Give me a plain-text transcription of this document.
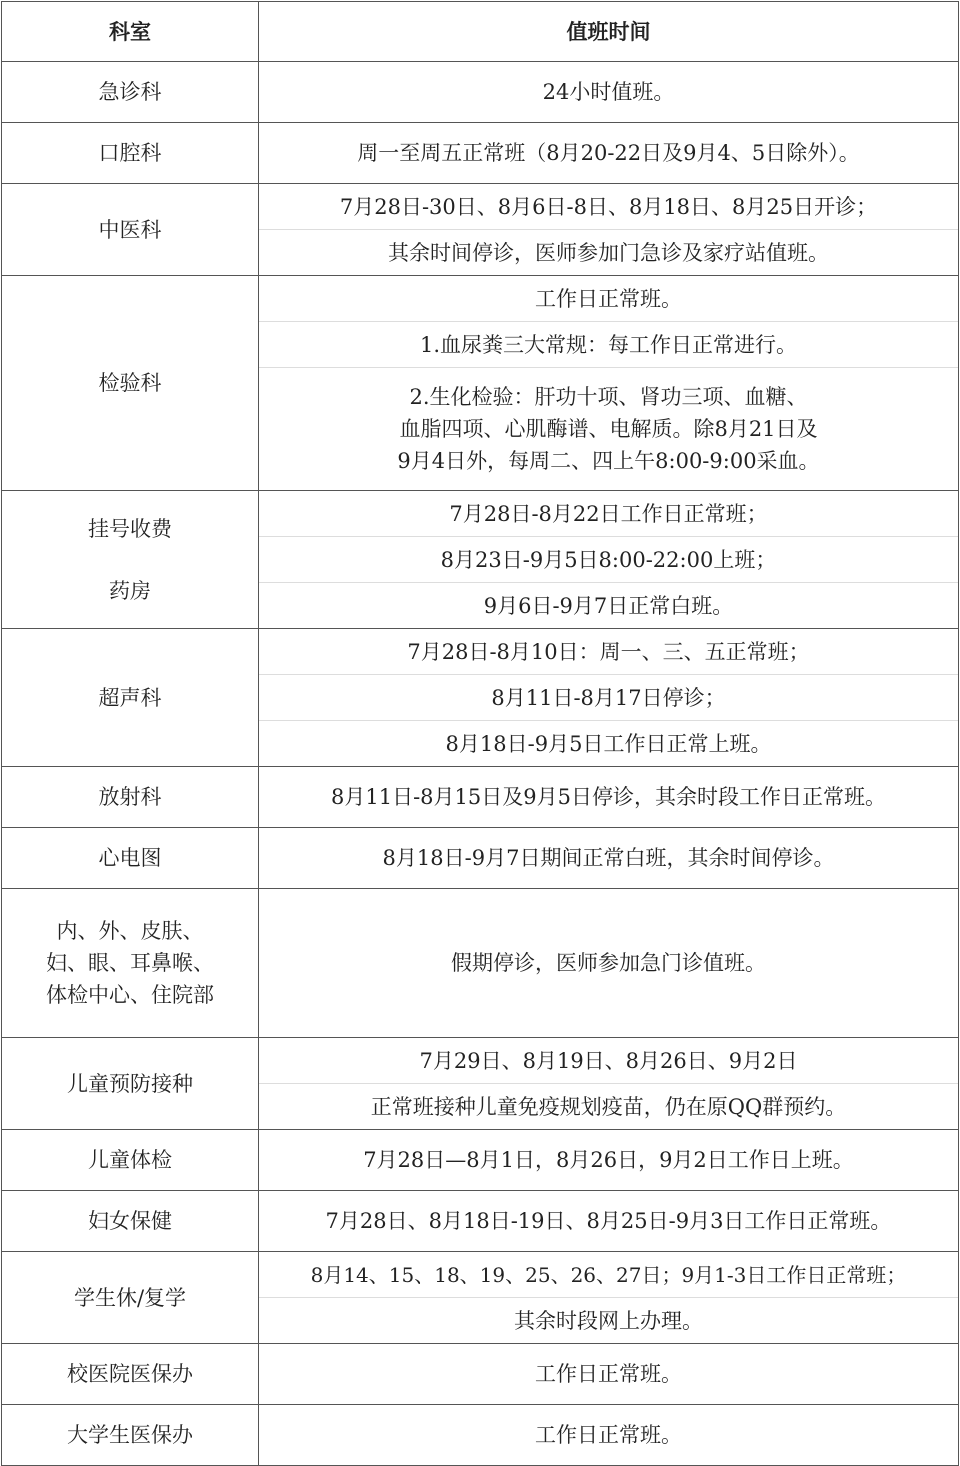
科室	值班时间
急诊科	24小时值班。
口腔科	周一至周五正常班（8月20-22日及9月4、5日除外）。
中医科	7月28日-30日、8月6日-8日、8月18日、8月25日开诊；
	其余时间停诊，医师参加门急诊及家疗站值班。
检验科	工作日正常班。
	1.血尿粪三大常规：每工作日正常进行。

	2.生化检验：肝功十项、肾功三项、血糖、
血脂四项、心肌酶谱、电解质。除8月21日及
9月4日外，每周二、四上午8:00-9:00采血。

挂号收费
药房	7月28日-8月22日工作日正常班；
	8月23日-9月5日8:00-22:00上班；
	9月6日-9月7日正常白班。
超声科	7月28日-8月10日：周一、三、五正常班；
	8月11日-8月17日停诊；
	8月18日-9月5日工作日正常上班。
放射科	8月11日-8月15日及9月5日停诊，其余时段工作日正常班。
心电图	8月18日-9月7日期间正常白班，其余时间停诊。

内、外、皮肤、
妇、眼、耳鼻喉、
体检中心、住院部	假期停诊，医师参加急门诊值班。
儿童预防接种	7月29日、8月19日、8月26日、9月2日
	正常班接种儿童免疫规划疫苗，仍在原QQ群预约。
儿童体检	7月28日—8月1日，8月26日，9月2日工作日上班。
妇女保健	7月28日、8月18日-19日、8月25日-9月3日工作日正常班。
学生休/复学	8月14、15、18、19、25、26、27日；9月1-3日工作日正常班；
	其余时段网上办理。
校医院医保办	工作日正常班。
大学生医保办	工作日正常班。
